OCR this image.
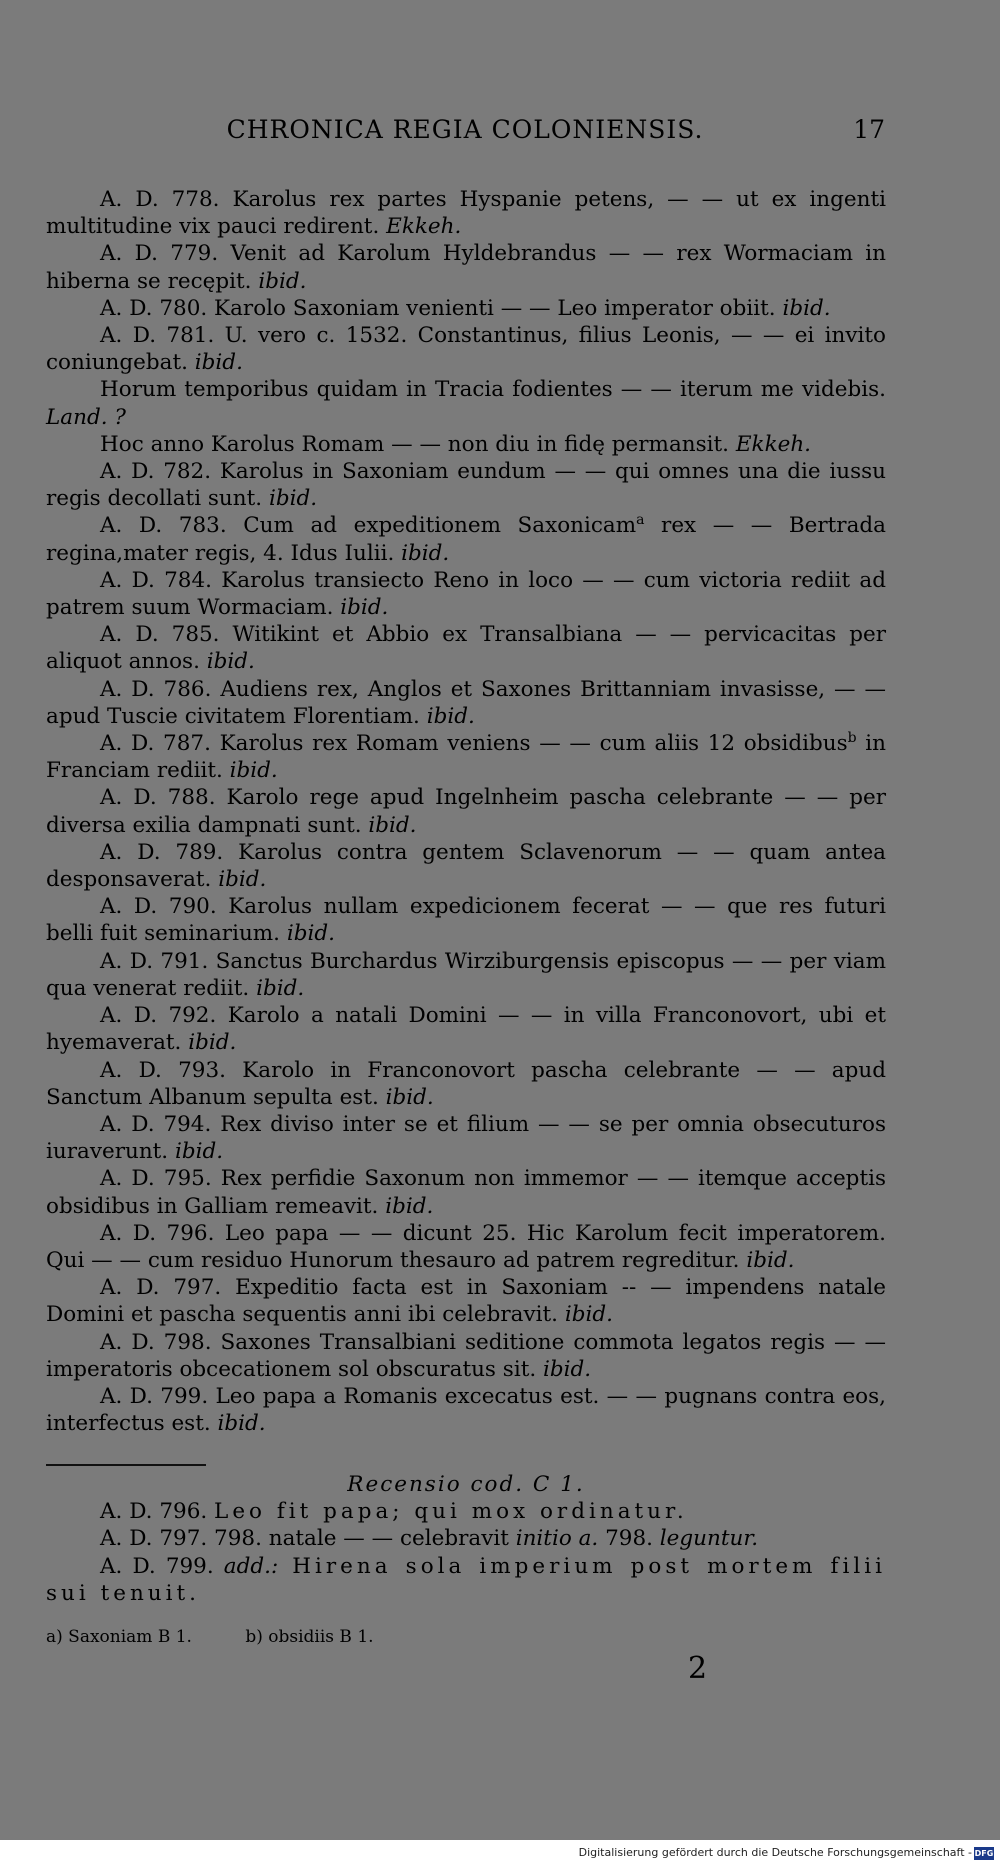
CHRONICA REGIA COLONIENSIS.	17

A. D. 778. Karolus rex partes Hyspanie petens, — — ut ex ingenti multitudine vix pauci redirent. Ekkeh.

A. D. 779. Venit ad Karolum Hyldebrandus — — rex Wormaciam in hiberna se recępit. ibid.

A. D. 780. Karolo Saxoniam venienti — — Leo imperator obiit. ibid.

A. D. 781. U. vero c. 1532. Constantinus, filius Leonis, — — ei invito coniungebat. ibid.

Horum temporibus quidam in Tracia fodientes — — iterum me videbis. Land. ?

Hoc anno Karolus Romam — — non diu in fidę permansit. Ekkeh.

A. D. 782. Karolus in Saxoniam eundum — — qui omnes una die iussu regis decollati sunt. ibid.

A. D. 783. Cum ad expeditionem Saxonicam$^a$ rex — — Bertrada regina,mater regis, 4. Idus Iulii. ibid.

A. D. 784. Karolus transiecto Reno in loco — — cum victoria rediit ad patrem suum Wormaciam. ibid.

A. D. 785. Witikint et Abbio ex Transalbiana — — pervicacitas per aliquot annos. ibid.

A. D. 786. Audiens rex, Anglos et Saxones Brittanniam invasisse, — — apud Tuscie civitatem Florentiam. ibid.

A. D. 787. Karolus rex Romam veniens — — cum aliis 12 obsidibus$^b$ in Franciam rediit. ibid.

A. D. 788. Karolo rege apud Ingelnheim pascha celebrante — — per diversa exilia dampnati sunt. ibid.

A. D. 789. Karolus contra gentem Sclavenorum — — quam antea desponsaverat. ibid.

A. D. 790. Karolus nullam expedicionem fecerat — — que res futuri belli fuit seminarium. ibid.

A. D. 791. Sanctus Burchardus Wirziburgensis episcopus — — per viam qua venerat rediit. ibid.

A. D. 792. Karolo a natali Domini — — in villa Franconovort, ubi et hyemaverat. ibid.

A. D. 793. Karolo in Franconovort pascha celebrante — — apud Sanctum Albanum sepulta est. ibid.

A. D. 794. Rex diviso inter se et filium — — se per omnia obsecuturos iuraverunt. ibid.

A. D. 795. Rex perfidie Saxonum non immemor — — itemque acceptis obsidibus in Galliam remeavit. ibid.

A. D. 796. Leo papa — — dicunt 25. Hic Karolum fecit imperatorem. Qui — — cum residuo Hunorum thesauro ad patrem regreditur. ibid.

A. D. 797. Expeditio facta est in Saxoniam -- — impendens natale Domini et pascha sequentis anni ibi celebravit. ibid.

A. D. 798. Saxones Transalbiani seditione commota legatos regis — — imperatoris obcecationem sol obscuratus sit. ibid.

A. D. 799. Leo papa a Romanis excecatus est. — — pugnans contra eos, interfectus est. ibid.

Recensio cod. C 1.

A. D. 796. Leo fit papa; qui mox ordinatur.

A. D. 797. 798. natale — — celebravit initio a. 798. leguntur.

A. D. 799. add.: Hirena sola imperium post mortem filii sui tenuit.

a) Saxoniam B 1.	b) obsidiis B 1.
2
Digitalisierung gefördert durch die Deutsche Forschungsgemeinschaft - DFG
